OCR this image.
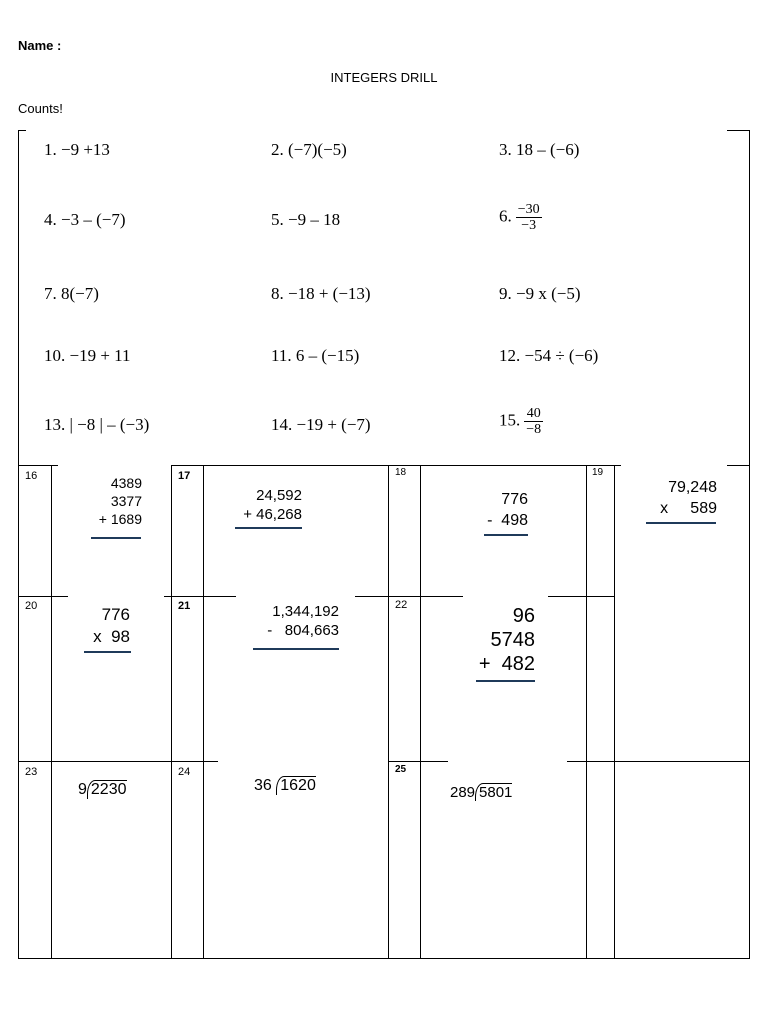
Name :
INTEGERS DRILL
Counts!
1. −9 +13	2. (−7)(−5)	3. 18 – (−6)
4. −3 – (−7)	5. −9 – 18	6. $\frac{-30}{-3}$
7. 8(−7)	8. −18 + (−13)	9. −9 x (−5)
10. −19 + 11	11. 6 – (−15)	12. −54 ÷ (−6)
13. | −8 | – (−3)	14. −19 + (−7)	15. $\frac{40}{-8}$
16	4389
3377
+ 1689
17
24,592
+ 46,268
18
776
-  498
19
79,248
x     589
20	776
x  98
21	1,344,192
-   804,663
22	96
5748
+  482
23
9 2230
24
36 1620
25
289 5801
